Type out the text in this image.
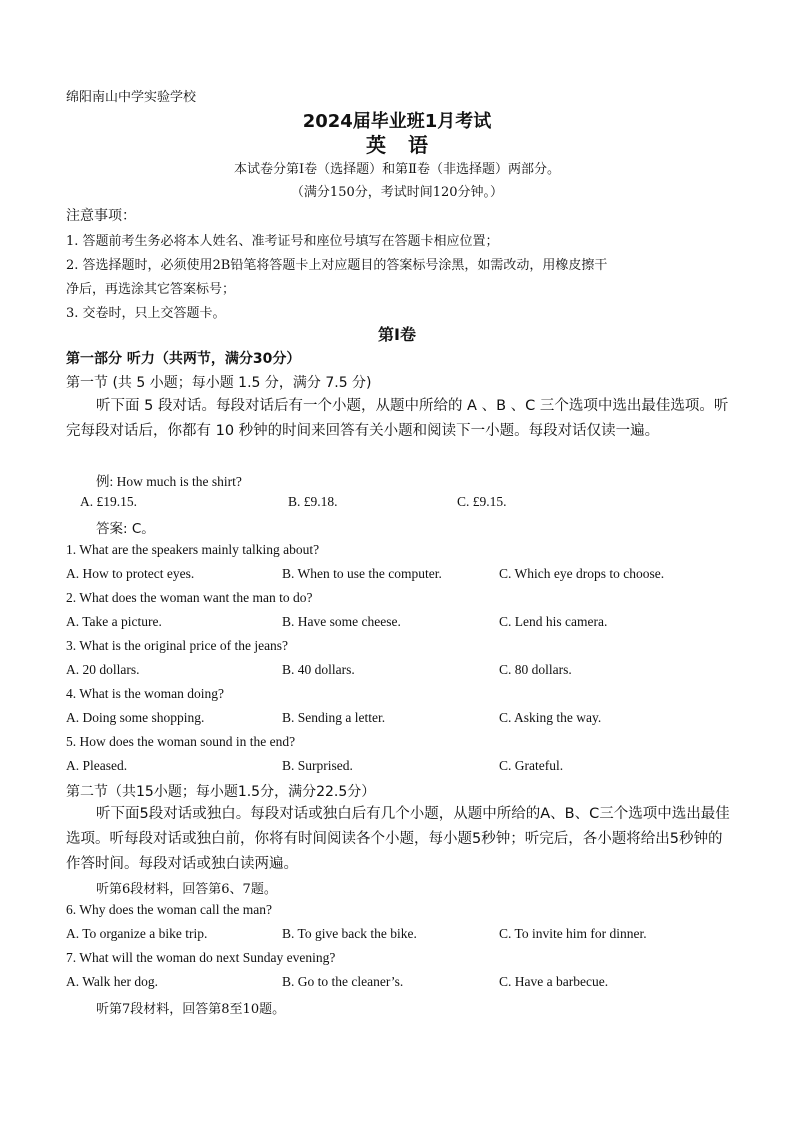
绵阳南山中学实验学校
2024届毕业班1月考试
英语
本试卷分第Ⅰ卷（选择题）和第Ⅱ卷（非选择题）两部分。
（满分150分，考试时间120分钟。）
注意事项：
1. 答题前考生务必将本人姓名、准考证号和座位号填写在答题卡相应位置；
2. 答选择题时，必须使用2B铅笔将答题卡上对应题目的答案标号涂黑，如需改动，用橡皮擦干
净后，再选涂其它答案标号；
3. 交卷时，只上交答题卡。
第I卷
第一部分 听力（共两节，满分30分）
第一节 (共 5 小题；每小题 1.5 分，满分 7.5 分)
听下面 5 段对话。每段对话后有一个小题，从题中所给的 A 、B 、C 三个选项中选出最佳选项。听完每段对话后，你都有 10 秒钟的时间来回答有关小题和阅读下一小题。每段对话仅读一遍。
例: How much is the shirt?
A. £19.15.	B. £9.18.	C. £9.15.
答案: C。
1. What are the speakers mainly talking about?
A. How to protect eyes.	B. When to use the computer.	C. Which eye drops to choose.
2. What does the woman want the man to do?
A. Take a picture.	B. Have some cheese.	C. Lend his camera.
3. What is the original price of the jeans?
A. 20 dollars.	B. 40 dollars.	C. 80 dollars.
4. What is the woman doing?
A. Doing some shopping.	B. Sending a letter.	C. Asking the way.
5. How does the woman sound in the end?
A. Pleased.	B. Surprised.	C. Grateful.
第二节（共15小题；每小题1.5分，满分22.5分）
听下面5段对话或独白。每段对话或独白后有几个小题，从题中所给的A、B、C三个选项中选出最佳选项。听每段对话或独白前，你将有时间阅读各个小题，每小题5秒钟；听完后，各小题将给出5秒钟的作答时间。每段对话或独白读两遍。
听第6段材料，回答第6、7题。
6. Why does the woman call the man?
A. To organize a bike trip.	B. To give back the bike.	C. To invite him for dinner.
7. What will the woman do next Sunday evening?
A. Walk her dog.	B. Go to the cleaner’s.	C. Have a barbecue.
听第7段材料，回答第8至10题。
